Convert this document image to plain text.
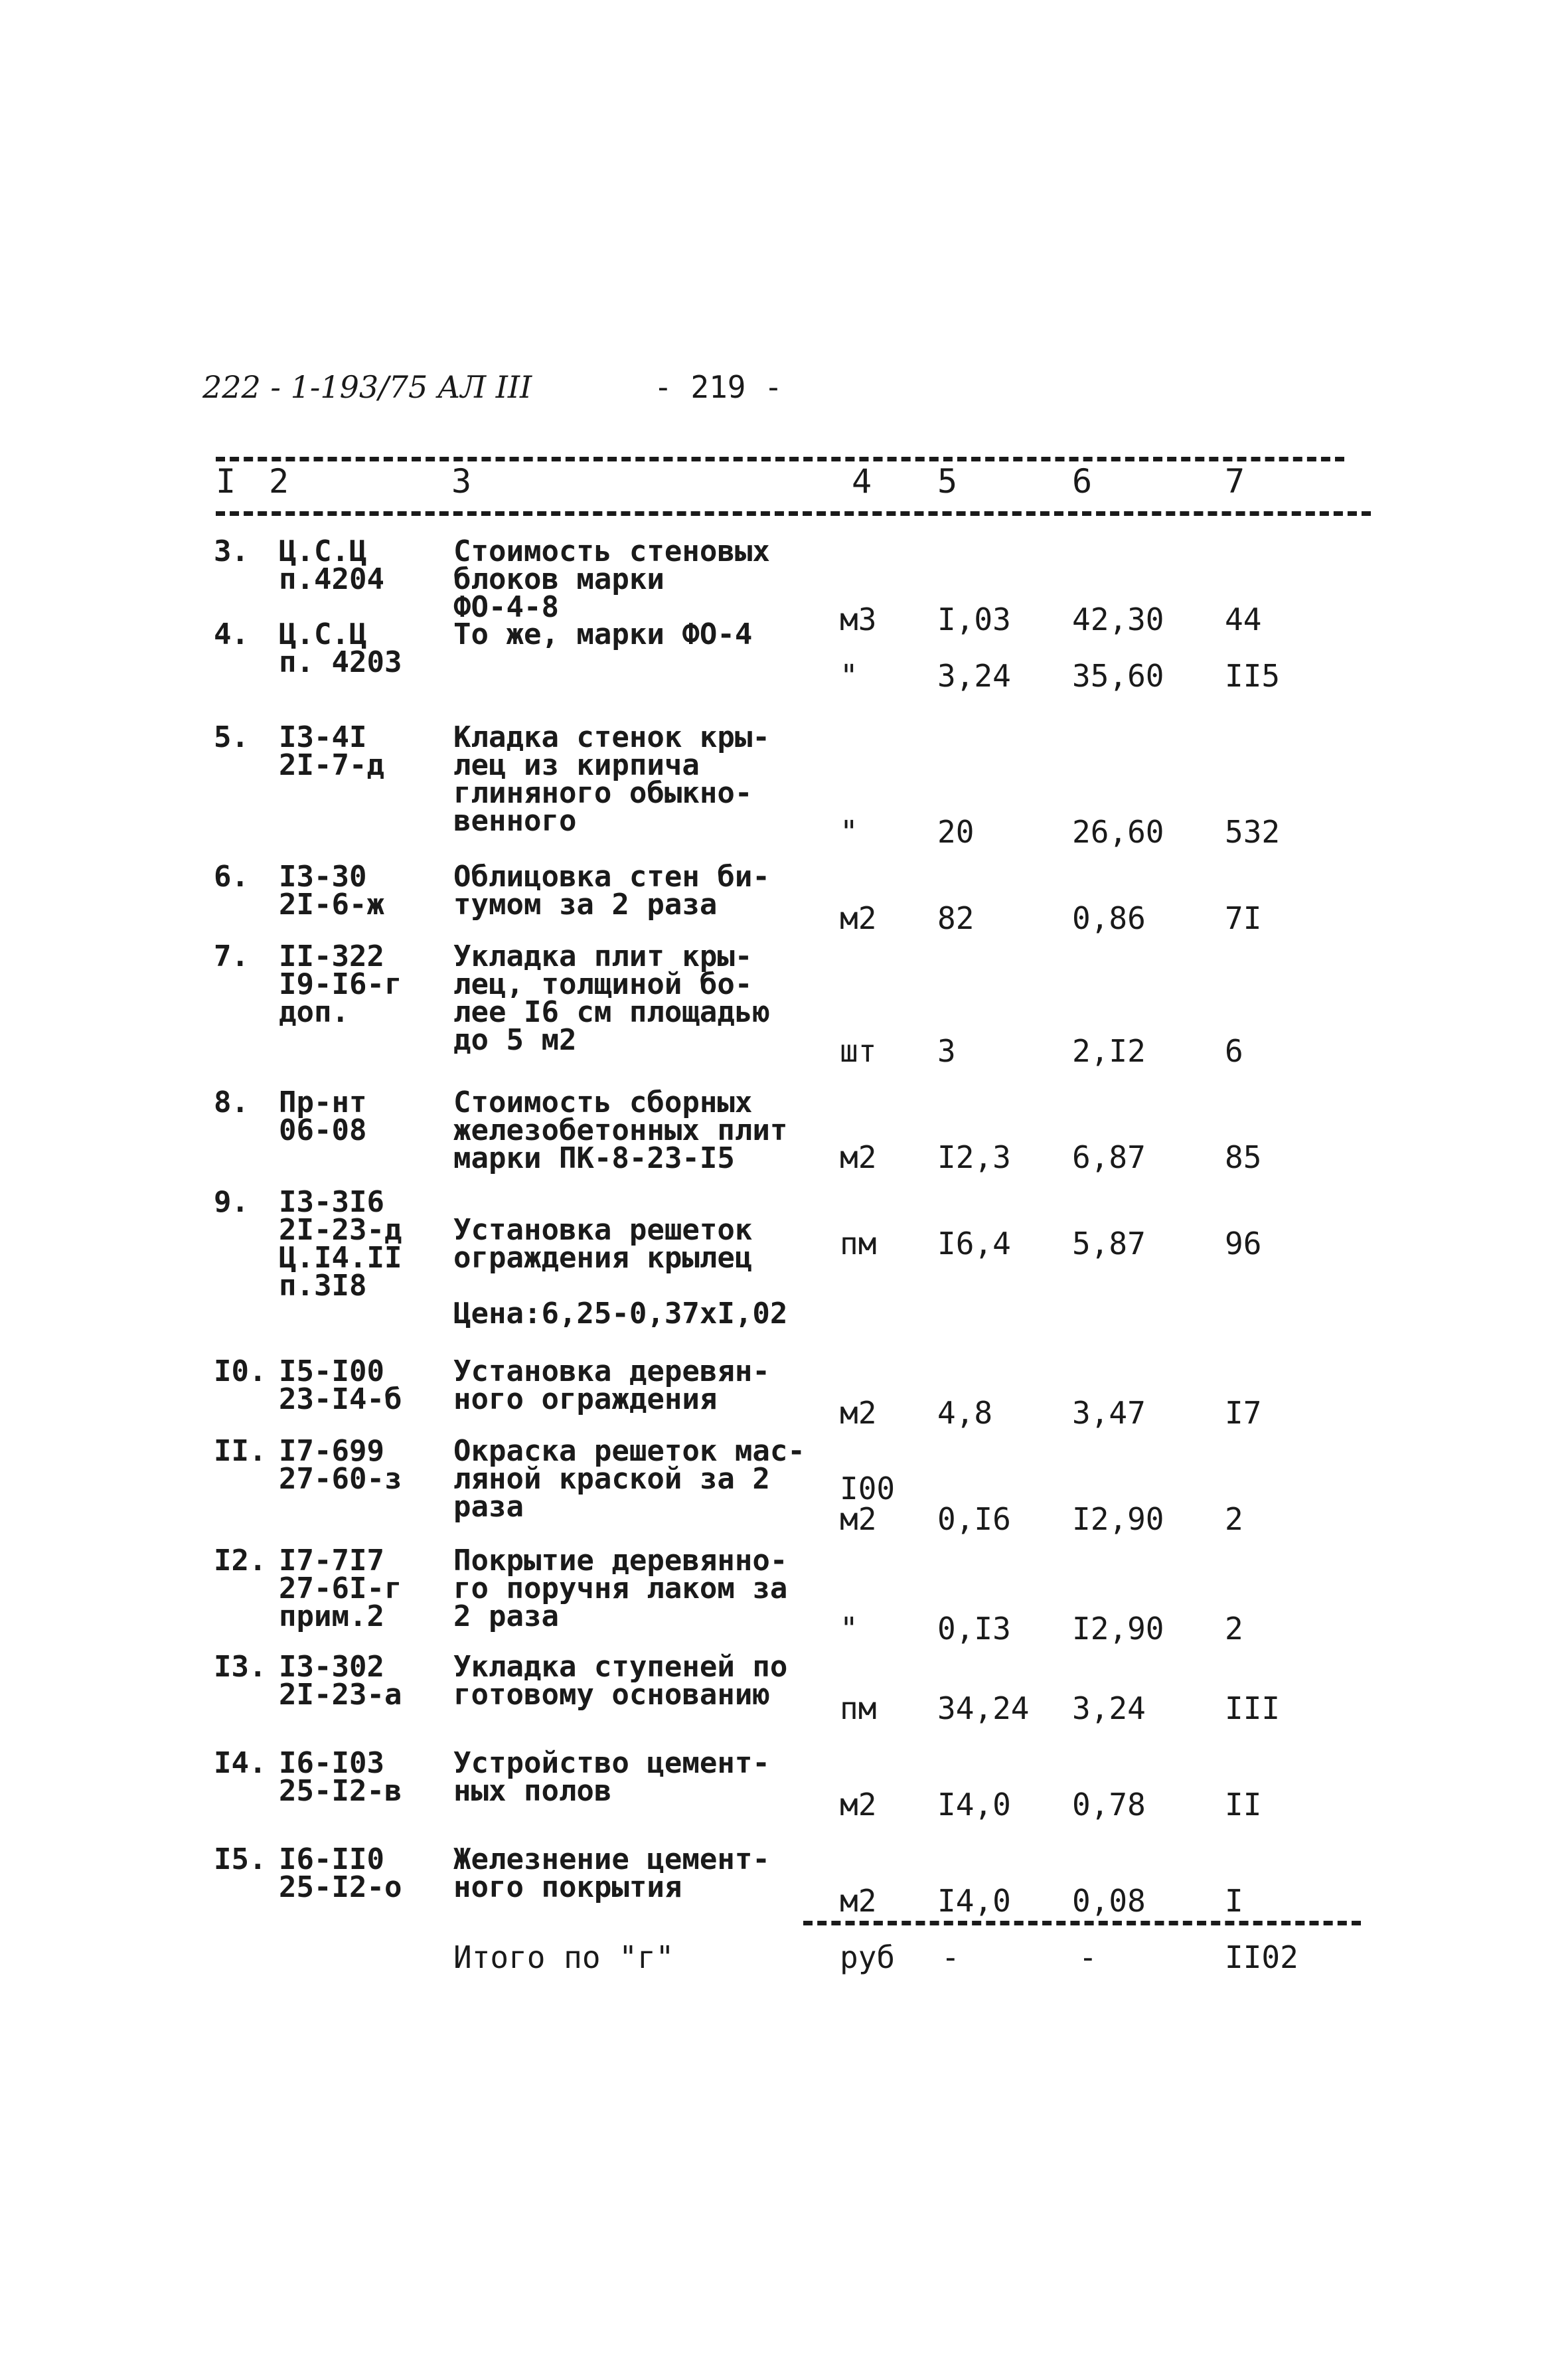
222 - 1-193/75 АЛ III	- 219 -
I 2	3	4 5	6	7
3. Ц.С.Ц
п.4204
Стоимость стеновых
блоков марки
ФО-4-8	м3 I,03 42,30 44
4. Ц.С.Ц
п. 4203
То же, марки ФО-4
"	3,24 35,60 II5
5. I3-4I
2I-7-д
Кладка стенок кры-
лец из кирпича
глиняного обыкно-
венного	"	20	26,60 532
6. I3-30
2I-6-ж
Облицовка стен би-
тумом за 2 раза	м2 82	0,86	7I
7. II-322
I9-I6-г
доп.
Укладка плит кры-
лец, толщиной бо-
лее I6 см площадью
до 5 м2	шт 3	2,I2	6
8. Пр-нт
06-08
Стоимость сборных
железобетонных плит
марки ПК-8-23-I5	м2 I2,3 6,87	85
9. I3-3I6
2I-23-д
Ц.I4.II
п.3I8

Установка решеток
ограждения крылец

Цена:6,25-0,37хI,02
пм I6,4 5,87	96
I0. I5-I00
23-I4-б
Установка деревян-
ного ограждения	м2 4,8	3,47	I7
II. I7-699
27-60-з
Окраска решеток мас-
ляной краской за 2
раза
I00
м2	0,I6 I2,90 2
I2. I7-7I7
27-6I-г
прим.2
Покрытие деревянно-
го поручня лаком за
2 раза	"	0,I3 I2,90 2
I3. I3-302
2I-23-а
Укладка ступеней по
готовому основанию	пм 34,24 3,24	III
I4. I6-I03
25-I2-в
Устройство цемент-
ных полов	м2 I4,0 0,78	II
I5. I6-II0
25-I2-о
Железнение цемент-
ного покрытия	м2 I4,0 0,08	I
Итого по "г"	руб -	-	II02
